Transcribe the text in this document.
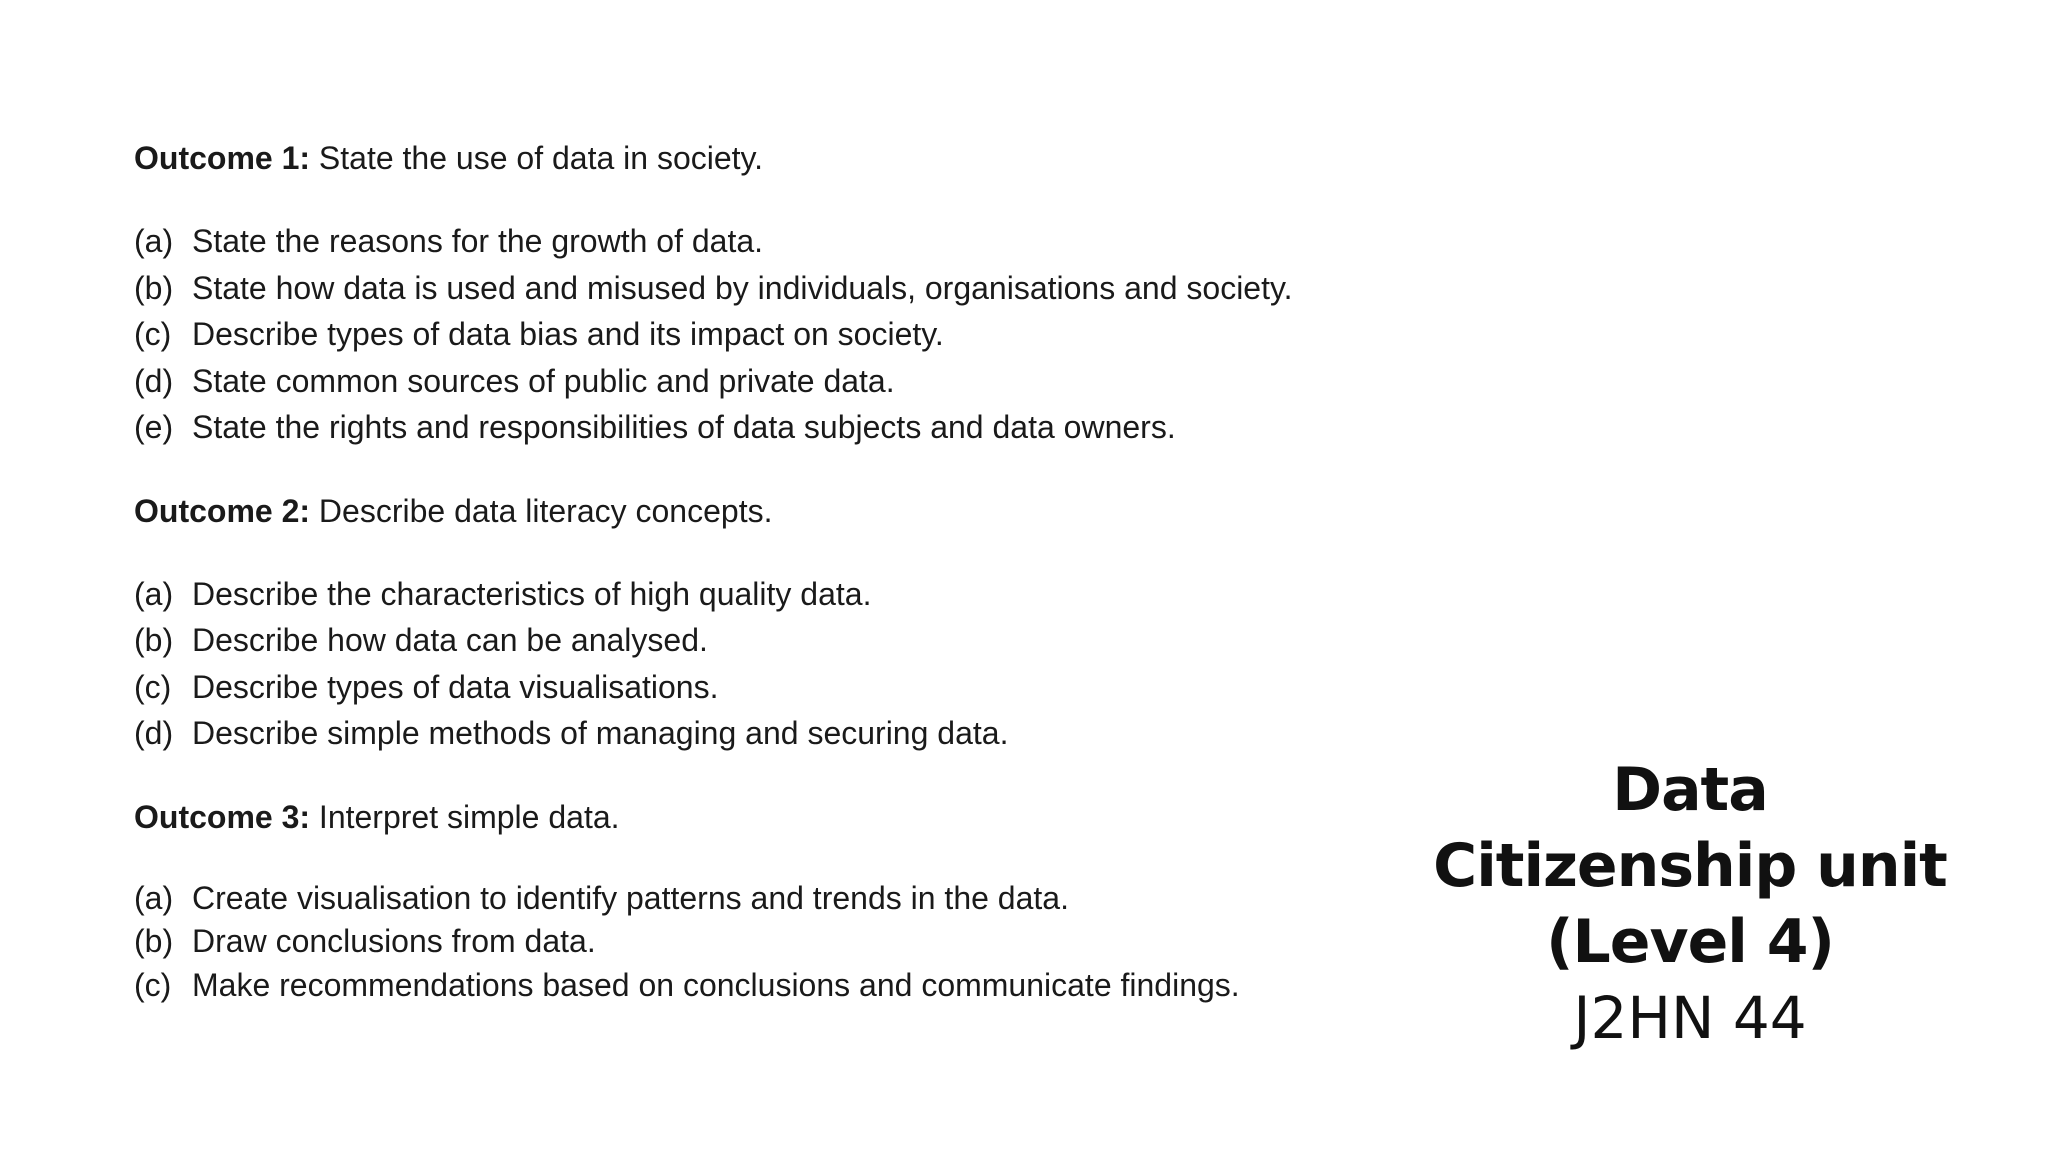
Outcome 1: State the use of data in society.

(a) State the reasons for the growth of data.
(b) State how data is used and misused by individuals, organisations and society.
(c) Describe types of data bias and its impact on society.
(d) State common sources of public and private data.
(e) State the rights and responsibilities of data subjects and data owners.

Outcome 2: Describe data literacy concepts.

(a) Describe the characteristics of high quality data.
(b) Describe how data can be analysed.
(c) Describe types of data visualisations.
(d) Describe simple methods of managing and securing data.

Outcome 3: Interpret simple data.

(a) Create visualisation to identify patterns and trends in the data.
(b) Draw conclusions from data.
(c) Make recommendations based on conclusions and communicate findings.
Data
Citizenship unit
(Level 4)
J2HN 44
